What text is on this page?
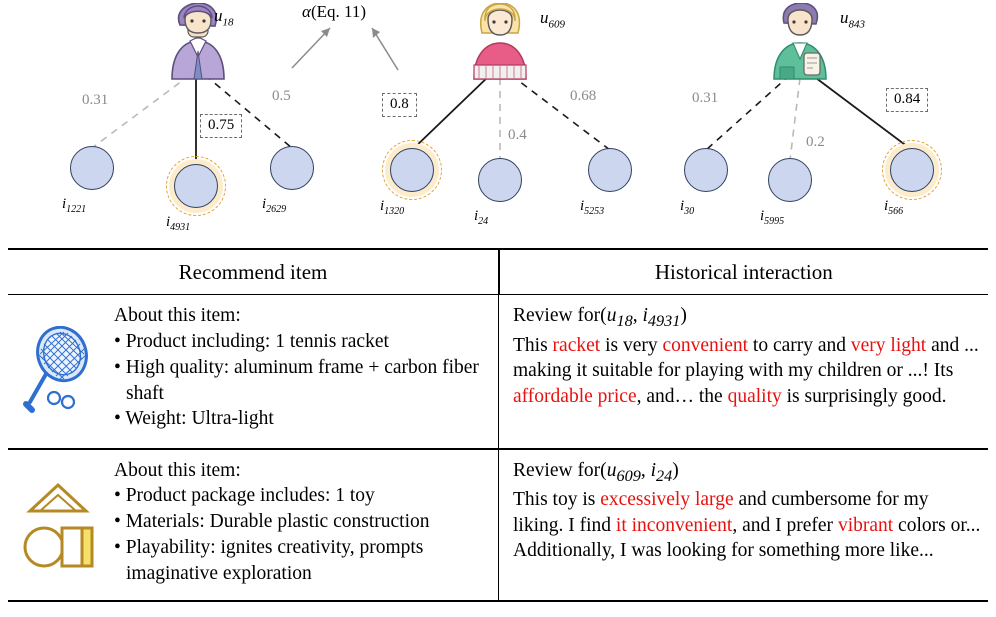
$u_{18}$	$u_{609}$	$u_{843}$
α(Eq. 11)
$i_{1221}$
$i_{4931}$
$i_{2629}$	$i_{1320}$	$i_{24}$
$i_{5253}$	$i_{30}$	$i_{5995}$
$i_{566}$
0.31
0.75
0.5	0.8
0.4
0.68	0.31
0.2
0.84
Recommend item	Historical interaction
About this item:
• Product including: 1 tennis racket
• High quality: aluminum frame + carbon fiber shaft
• Weight: Ultra-light
Review $for(u_{18}$, $i_{4931}$)
This racket is very convenient to carry and very light and ... making it suitable for playing with my children or ...! Its affordable price, and… the quality is surprisingly good.
About this item:
• Product package includes: 1 toy
• Materials: Durable plastic construction
• Playability: ignites creativity, prompts imaginative exploration
Review $for(u_{609}$, $i_{24}$)
This toy is excessively large and cumbersome for my liking. I find it inconvenient, and I prefer vibrant colors or... Additionally, I was looking for something more like...
